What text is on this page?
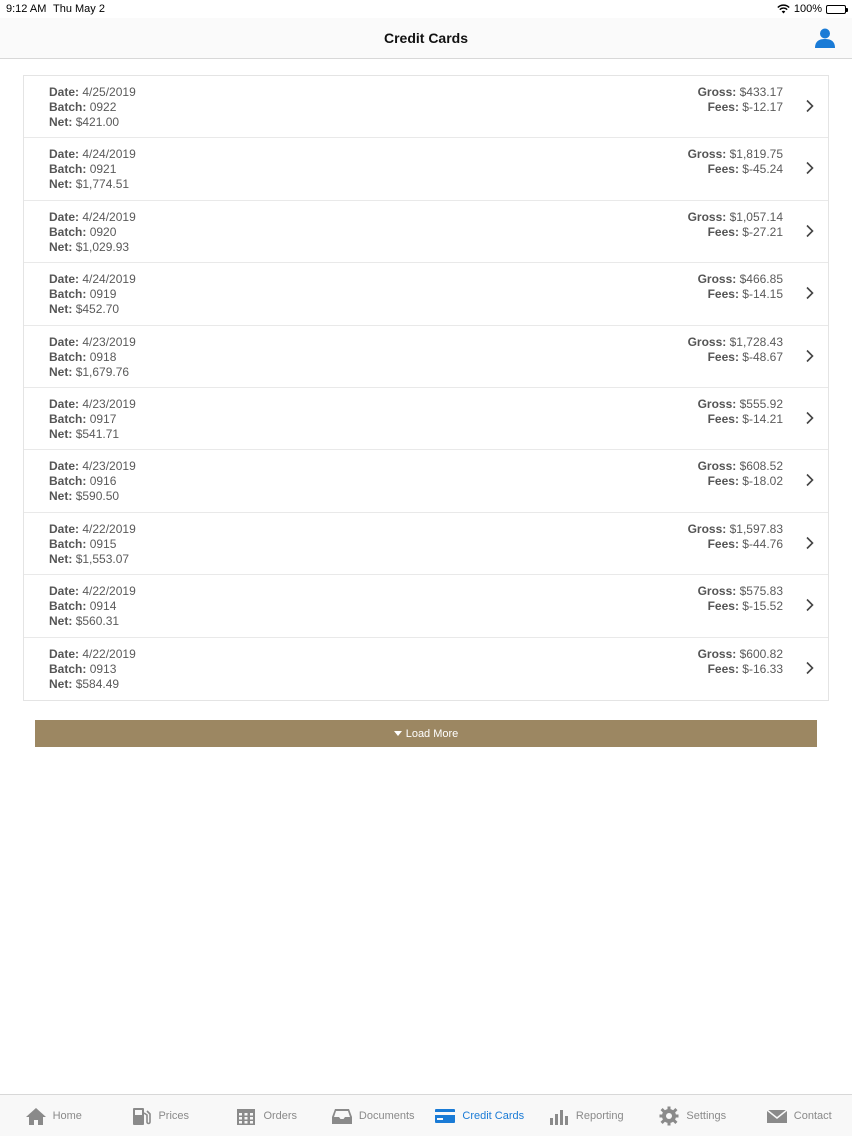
9:12 AM Thu May 2	100%
Credit Cards
Date: 4/25/2019
Batch: 0922
Net: $421.00
Gross: $433.17
Fees: $-12.17
Date: 4/24/2019
Batch: 0921
Net: $1,774.51
Gross: $1,819.75
Fees: $-45.24
Date: 4/24/2019
Batch: 0920
Net: $1,029.93
Gross: $1,057.14
Fees: $-27.21
Date: 4/24/2019
Batch: 0919
Net: $452.70
Gross: $466.85
Fees: $-14.15
Date: 4/23/2019
Batch: 0918
Net: $1,679.76
Gross: $1,728.43
Fees: $-48.67
Date: 4/23/2019
Batch: 0917
Net: $541.71
Gross: $555.92
Fees: $-14.21
Date: 4/23/2019
Batch: 0916
Net: $590.50
Gross: $608.52
Fees: $-18.02
Date: 4/22/2019
Batch: 0915
Net: $1,553.07
Gross: $1,597.83
Fees: $-44.76
Date: 4/22/2019
Batch: 0914
Net: $560.31
Gross: $575.83
Fees: $-15.52
Date: 4/22/2019
Batch: 0913
Net: $584.49
Gross: $600.82
Fees: $-16.33
Load More
Home	Prices	Orders	Documents	Credit Cards	Reporting	Settings	Contact
